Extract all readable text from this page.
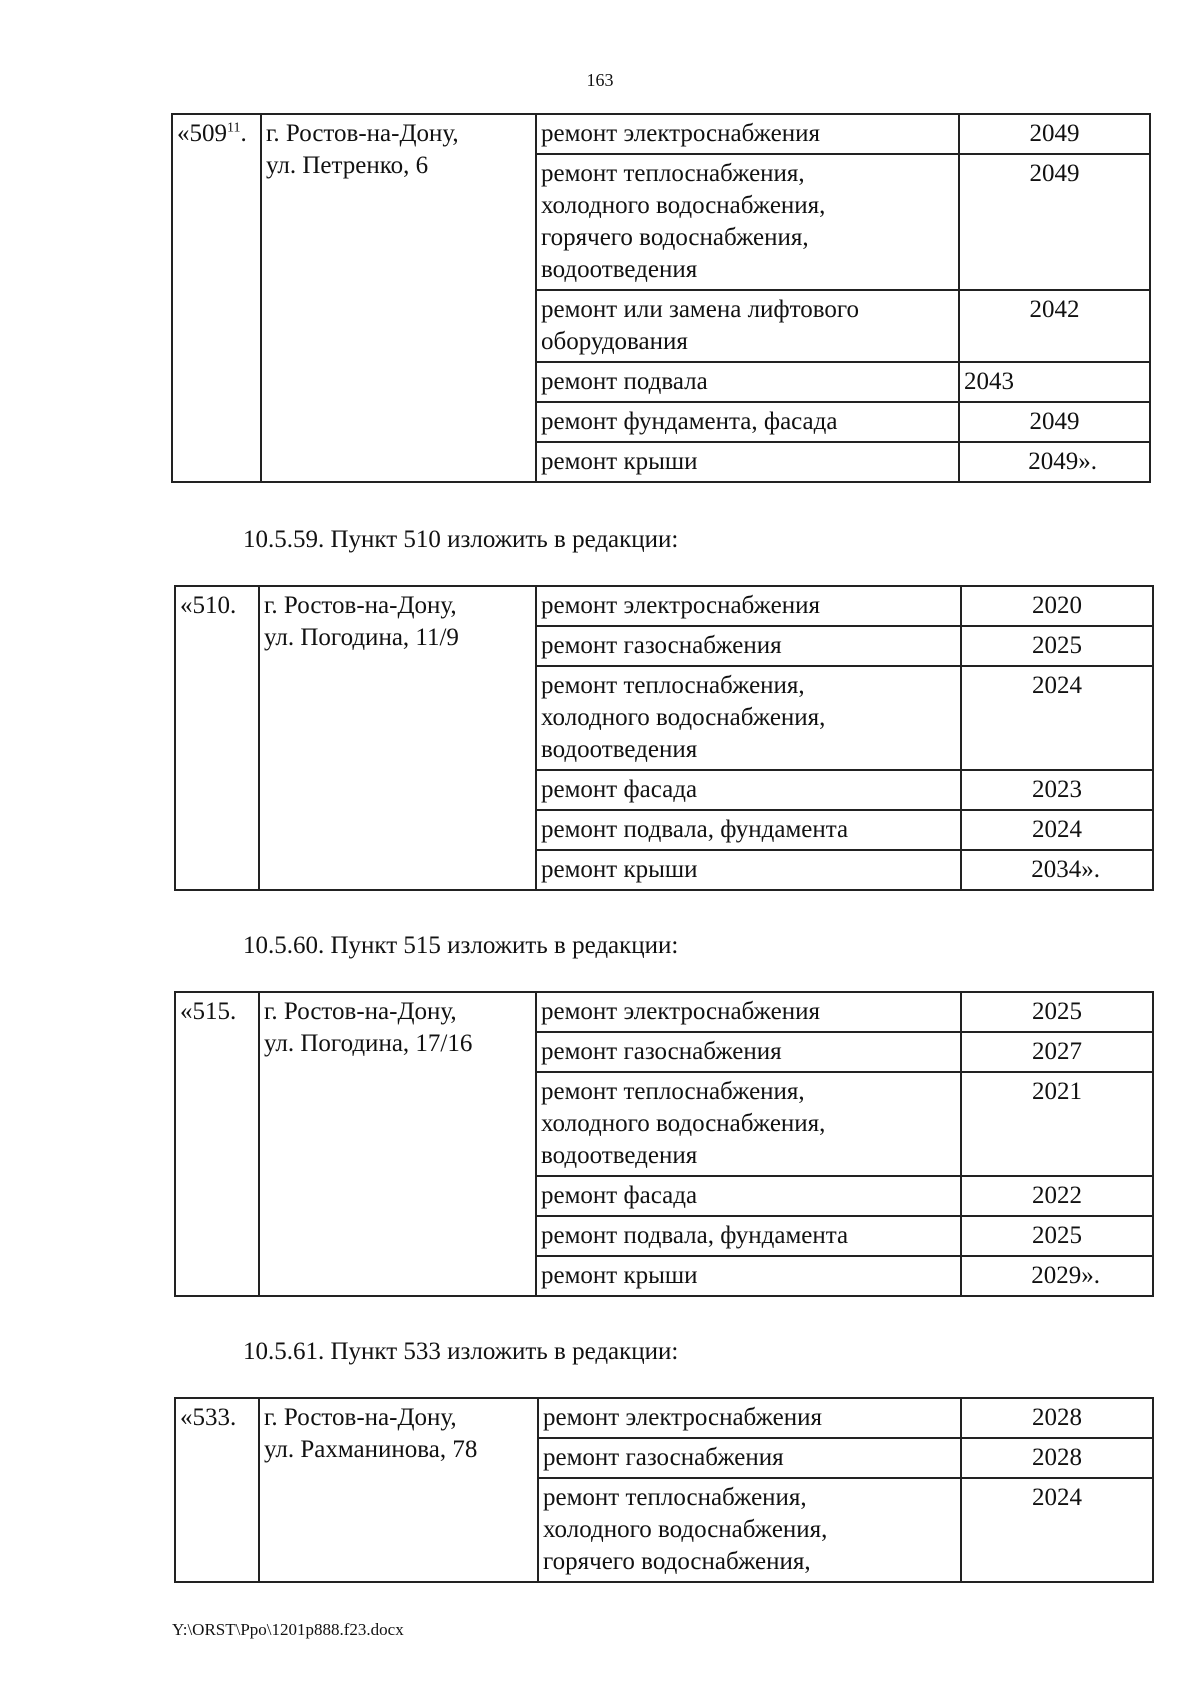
163
«$509^{11}$.	г. Ростов-на-Дону,
ул. Петренко, 6	ремонт электроснабжения	2049

		ремонт теплоснабжения,
холодного водоснабжения,
горячего водоснабжения,
водоотведения	2049

		ремонт или замена лифтового
оборудования	2042

		ремонт подвала	2043

		ремонт фундамента, фасада	2049

		ремонт крыши	2049».
10.5.59. Пункт 510 изложить в редакции:
«510.	г. Ростов-на-Дону,
ул. Погодина, 11/9	ремонт электроснабжения	2020

		ремонт газоснабжения	2025

		ремонт теплоснабжения,
холодного водоснабжения,
водоотведения	2024

		ремонт фасада	2023

		ремонт подвала, фундамента	2024

		ремонт крыши	2034».
10.5.60. Пункт 515 изложить в редакции:
«515.	г. Ростов-на-Дону,
ул. Погодина, 17/16	ремонт электроснабжения	2025

		ремонт газоснабжения	2027

		ремонт теплоснабжения,
холодного водоснабжения,
водоотведения	2021

		ремонт фасада	2022

		ремонт подвала, фундамента	2025

		ремонт крыши	2029».
10.5.61. Пункт 533 изложить в редакции:
«533.	г. Ростов-на-Дону,
ул. Рахманинова, 78	ремонт электроснабжения	2028

		ремонт газоснабжения	2028

		ремонт теплоснабжения,
холодного водоснабжения,
горячего водоснабжения,	2024
Y:\ORST\Ppo\1201p888.f23.docx
